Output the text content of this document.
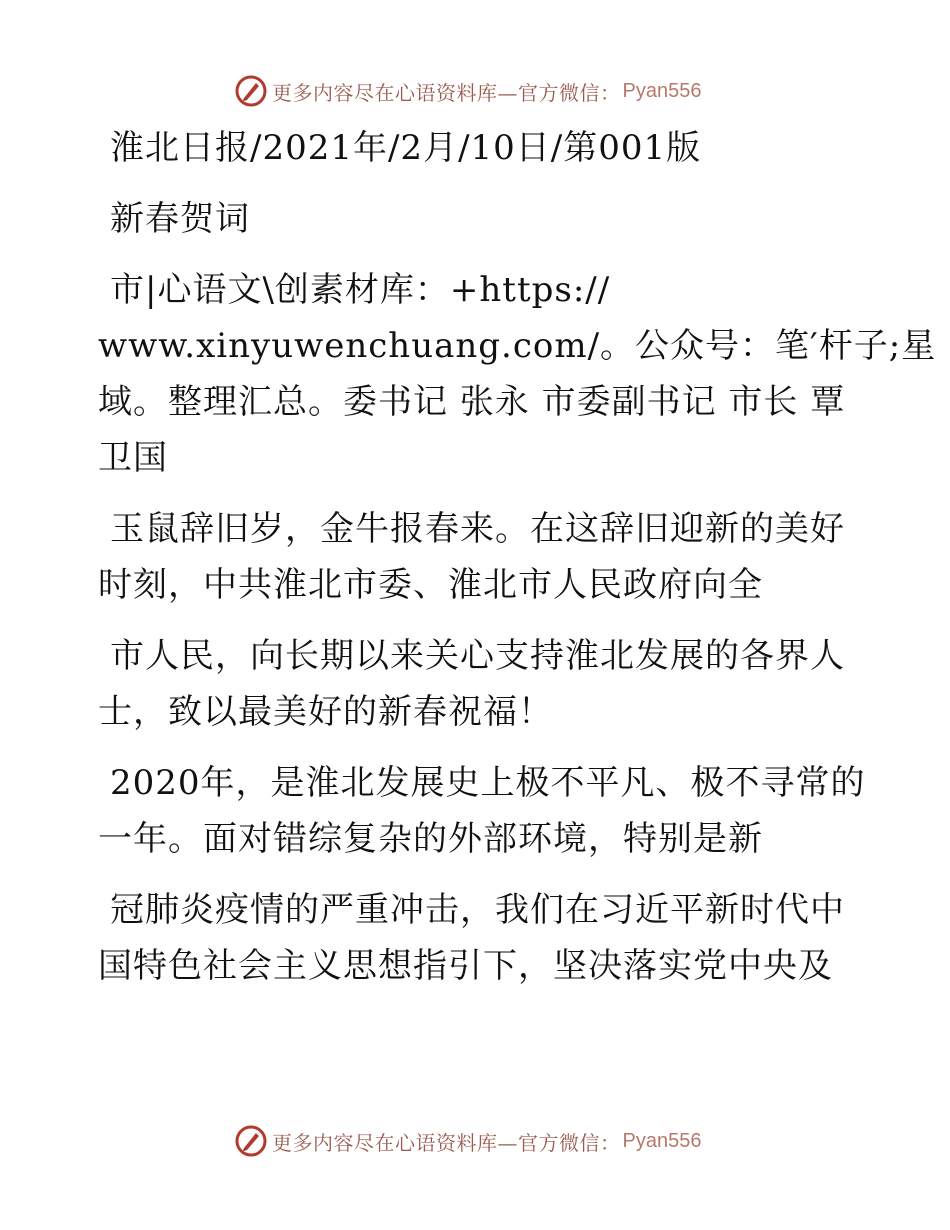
更多内容尽在心语资料库—官方微信： Pyan556
淮北日报/2021年/2月/10日/第001版
新春贺词
市|心语文\创素材库：+https://
www.xinyuwenchuang.com/。公众号：笔′杆子;星
域。整理汇总。委书记 张永 市委副书记 市长 覃
卫国
玉鼠辞旧岁，金牛报春来。在这辞旧迎新的美好
时刻，中共淮北市委、淮北市人民政府向全
市人民，向长期以来关心支持淮北发展的各界人
士，致以最美好的新春祝福！
2020年，是淮北发展史上极不平凡、极不寻常的
一年。面对错综复杂的外部环境，特别是新
冠肺炎疫情的严重冲击，我们在习近平新时代中
国特色社会主义思想指引下，坚决落实党中央及
更多内容尽在心语资料库—官方微信： Pyan556
